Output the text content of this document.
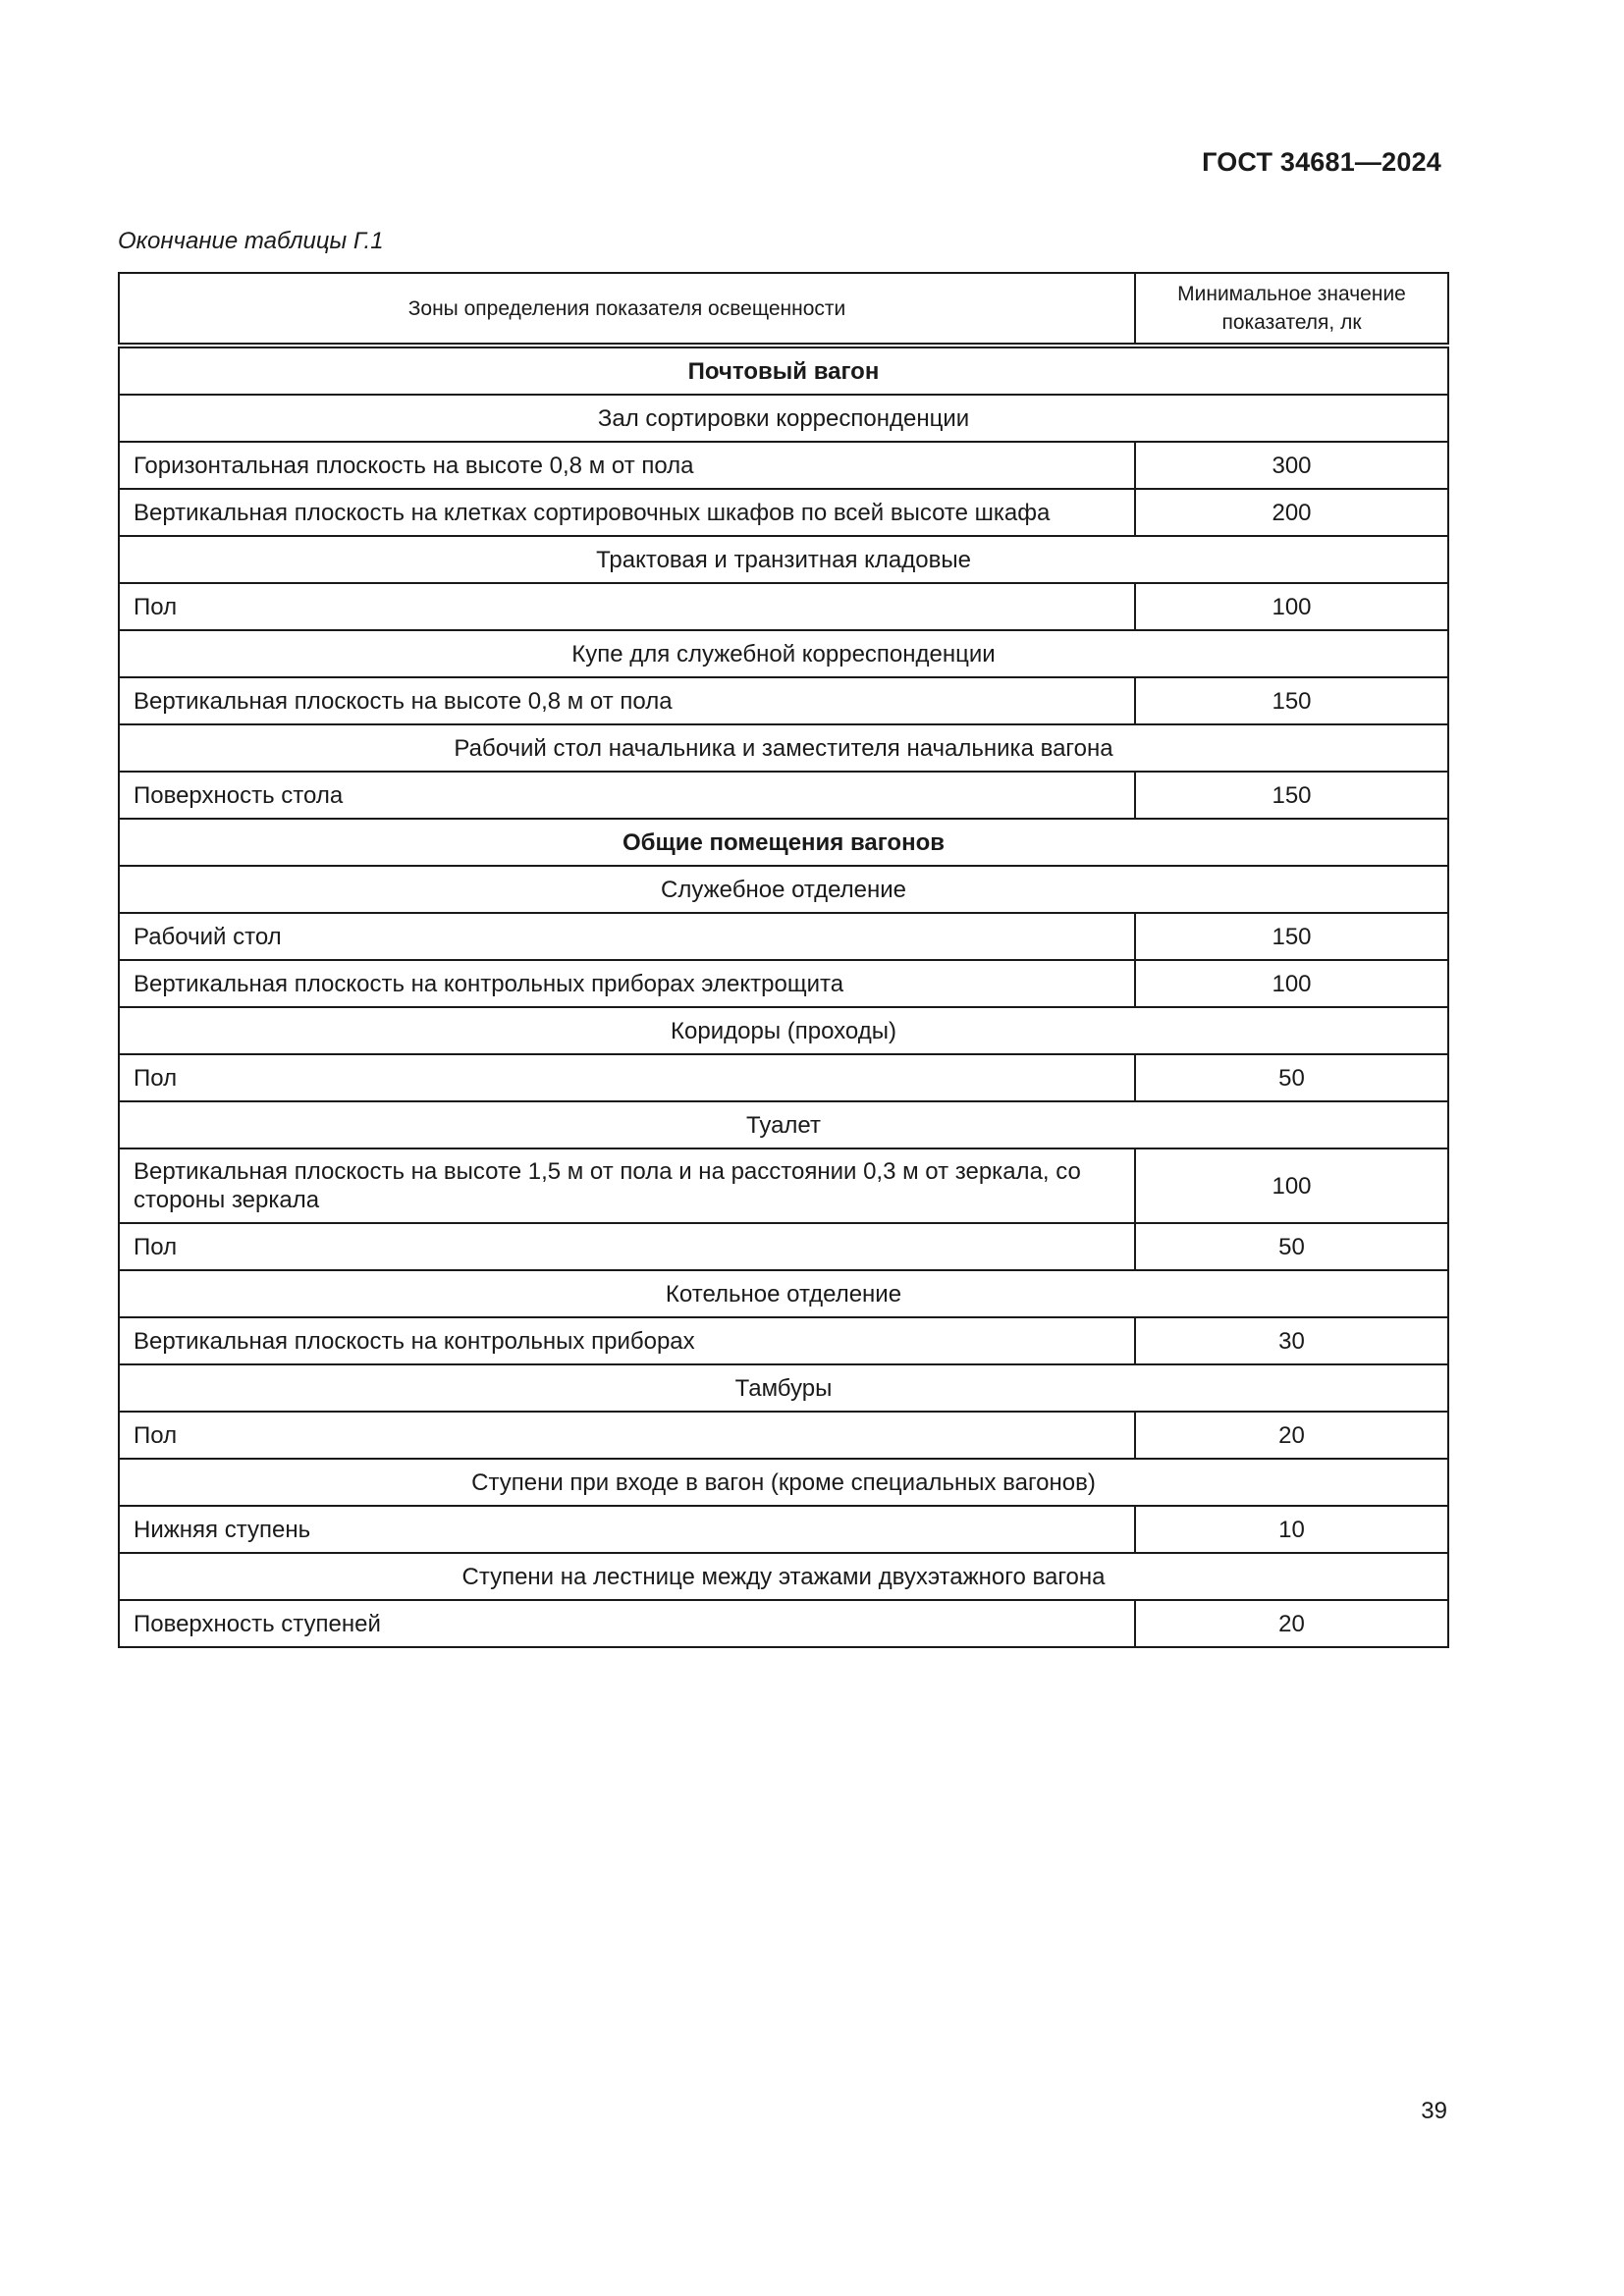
ГОСТ 34681—2024
Окончание таблицы Г.1
Зоны определения показателя освещенности	Минимальное значение показателя, лк
Почтовый вагон	
Зал сортировки корреспонденции	
Горизонтальная плоскость на высоте 0,8 м от пола	300
Вертикальная плоскость на клетках сортировочных шкафов по всей высоте шкафа	200
Трактовая и транзитная кладовые	
Пол	100
Купе для служебной корреспонденции	
Вертикальная плоскость на высоте 0,8 м от пола	150
Рабочий стол начальника и заместителя начальника вагона	
Поверхность стола	150
Общие помещения вагонов	
Служебное отделение	
Рабочий стол	150
Вертикальная плоскость на контрольных приборах электрощита	100
Коридоры (проходы)	
Пол	50
Туалет	
Вертикальная плоскость на высоте 1,5 м от пола и на расстоянии 0,3 м от зеркала, со стороны зеркала	100
Пол	50
Котельное отделение	
Вертикальная плоскость на контрольных приборах	30
Тамбуры	
Пол	20
Ступени при входе в вагон (кроме специальных вагонов)	
Нижняя ступень	10
Ступени на лестнице между этажами двухэтажного вагона	
Поверхность ступеней	20
39
